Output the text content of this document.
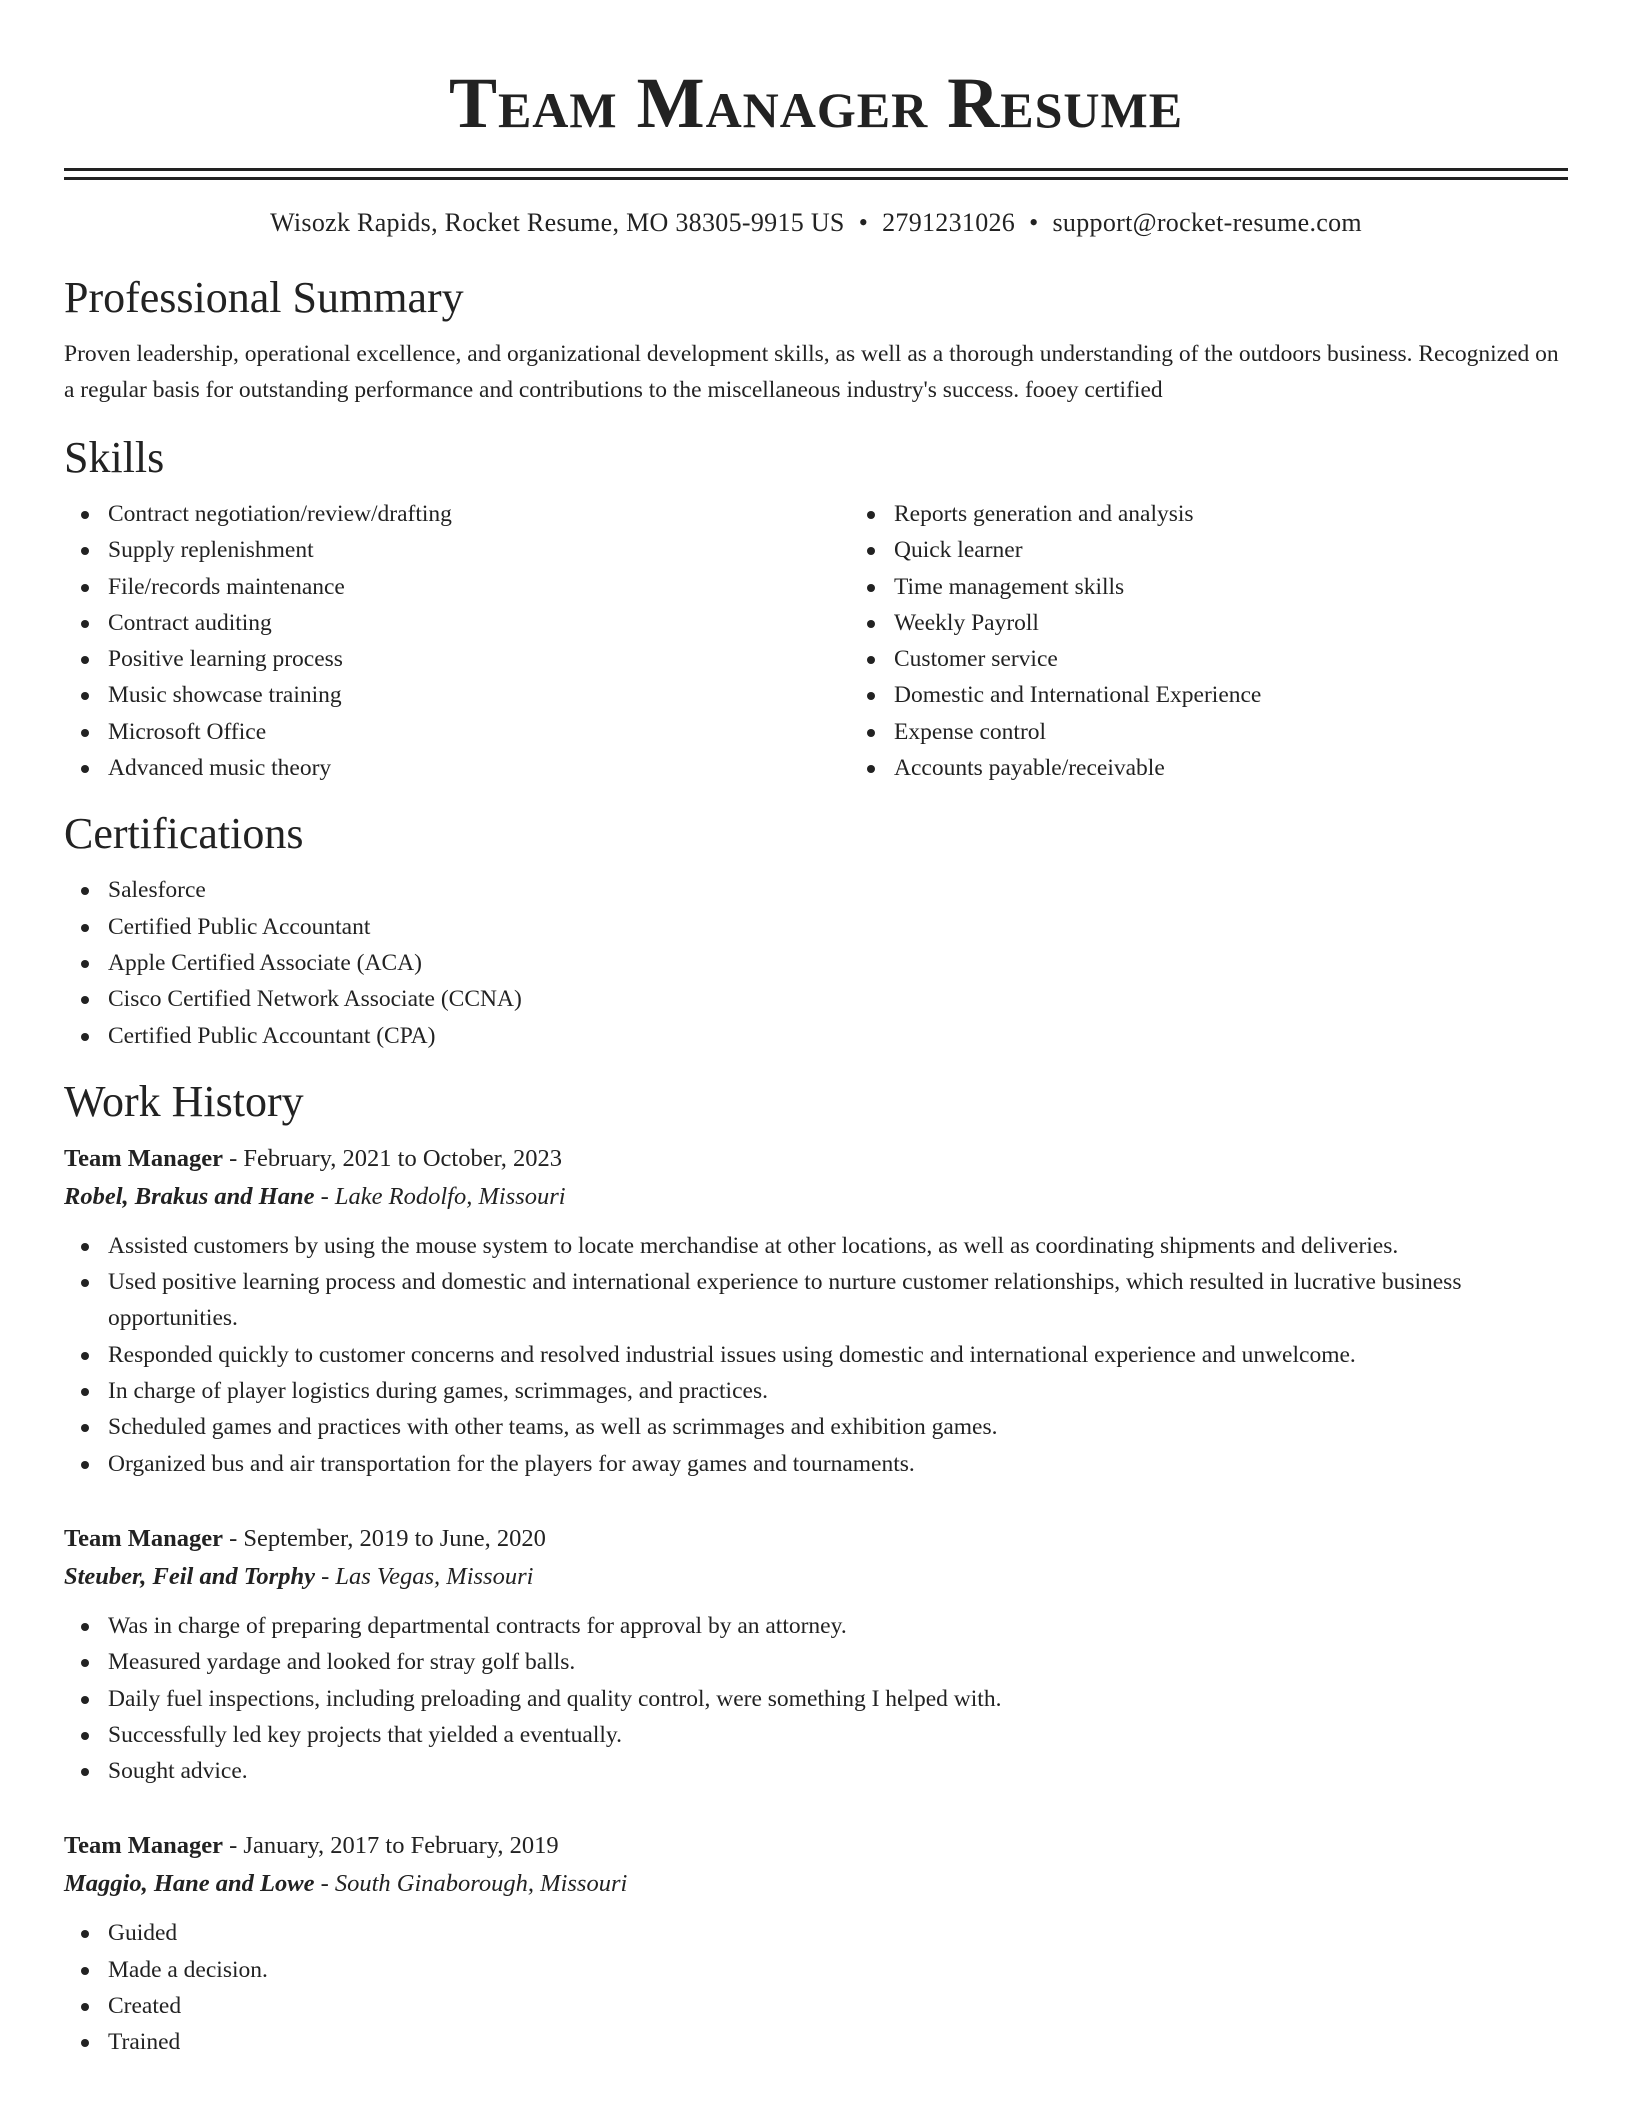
Team Manager Resume
Wisozk Rapids, Rocket Resume, MO 38305-9915 US • 2791231026 • support@rocket-resume.com
Professional Summary
Proven leadership, operational excellence, and organizational development skills, as well as a thorough understanding of the outdoors business. Recognized on a regular basis for outstanding performance and contributions to the miscellaneous industry's success. fooey certified
Skills
Contract negotiation/review/drafting
Supply replenishment
File/records maintenance
Contract auditing
Positive learning process
Music showcase training
Microsoft Office
Advanced music theory
Reports generation and analysis
Quick learner
Time management skills
Weekly Payroll
Customer service
Domestic and International Experience
Expense control
Accounts payable/receivable
Certifications
Salesforce
Certified Public Accountant
Apple Certified Associate (ACA)
Cisco Certified Network Associate (CCNA)
Certified Public Accountant (CPA)
Work History
Team Manager - February, 2021 to October, 2023
Robel, Brakus and Hane - Lake Rodolfo, Missouri
Assisted customers by using the mouse system to locate merchandise at other locations, as well as coordinating shipments and deliveries.
Used positive learning process and domestic and international experience to nurture customer relationships, which resulted in lucrative business opportunities.
Responded quickly to customer concerns and resolved industrial issues using domestic and international experience and unwelcome.
In charge of player logistics during games, scrimmages, and practices.
Scheduled games and practices with other teams, as well as scrimmages and exhibition games.
Organized bus and air transportation for the players for away games and tournaments.
Team Manager - September, 2019 to June, 2020
Steuber, Feil and Torphy - Las Vegas, Missouri
Was in charge of preparing departmental contracts for approval by an attorney.
Measured yardage and looked for stray golf balls.
Daily fuel inspections, including preloading and quality control, were something I helped with.
Successfully led key projects that yielded a eventually.
Sought advice.
Team Manager - January, 2017 to February, 2019
Maggio, Hane and Lowe - South Ginaborough, Missouri
Guided
Made a decision.
Created
Trained
